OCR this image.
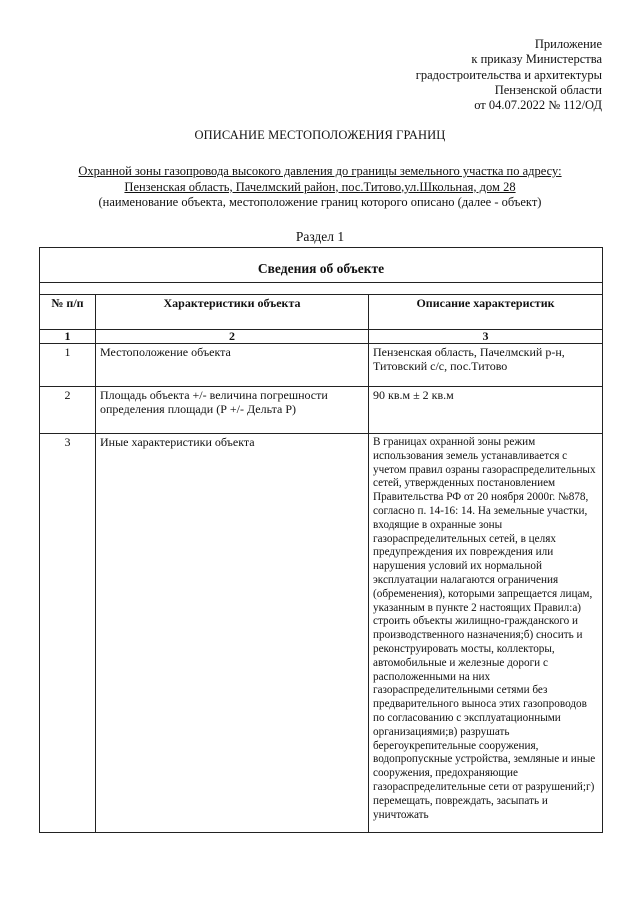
Приложение
к приказу Министерства
градостроительства и архитектуры
Пензенской области
от 04.07.2022 № 112/ОД
ОПИСАНИЕ МЕСТОПОЛОЖЕНИЯ ГРАНИЦ
Охранной зоны газопровода высокого давления до границы земельного участка по адресу:
Пензенская область, Пачелмский район, пос.Титово,ул.Школьная, дом 28
(наименование объекта, местоположение границ которого описано (далее - объект)
Раздел 1
Сведения об объекте		

№ п/п	Характеристики объекта	Описание характеристик
1	2	3
1	Местоположение объекта	Пензенская область, Пачелмский р-н, Титовский с/с, пос.Титово
2	Площадь объекта +/- величина погрешности определения площади (Р +/- Дельта Р)	90 кв.м ± 2 кв.м
3	Иные характеристики объекта	В границах охранной зоны режим использования земель устанавливается с учетом правил озраны газораспределительных сетей, утвержденных постановлением Правительства РФ от 20 ноября 2000г. №878, согласно п. 14-16: 14. На земельные участки, входящие в охранные зоны газораспределительных сетей, в целях предупреждения их повреждения или нарушения условий их нормальной эксплуатации налагаются ограничения (обременения), которыми запрещается лицам, указанным в пункте 2 настоящих Правил:а) строить объекты жилищно-гражданского и производственного назначения;б) сносить и реконструировать мосты, коллекторы, автомобильные и железные дороги с расположенными на них газораспределительными сетями без предварительного выноса этих газопроводов по согласованию с эксплуатационными организациями;в) разрушать берегоукрепительные сооружения, водопропускные устройства, земляные и иные сооружения, предохраняющие газораспределительные сети от разрушений;г) перемещать, повреждать, засыпать и уничтожать
